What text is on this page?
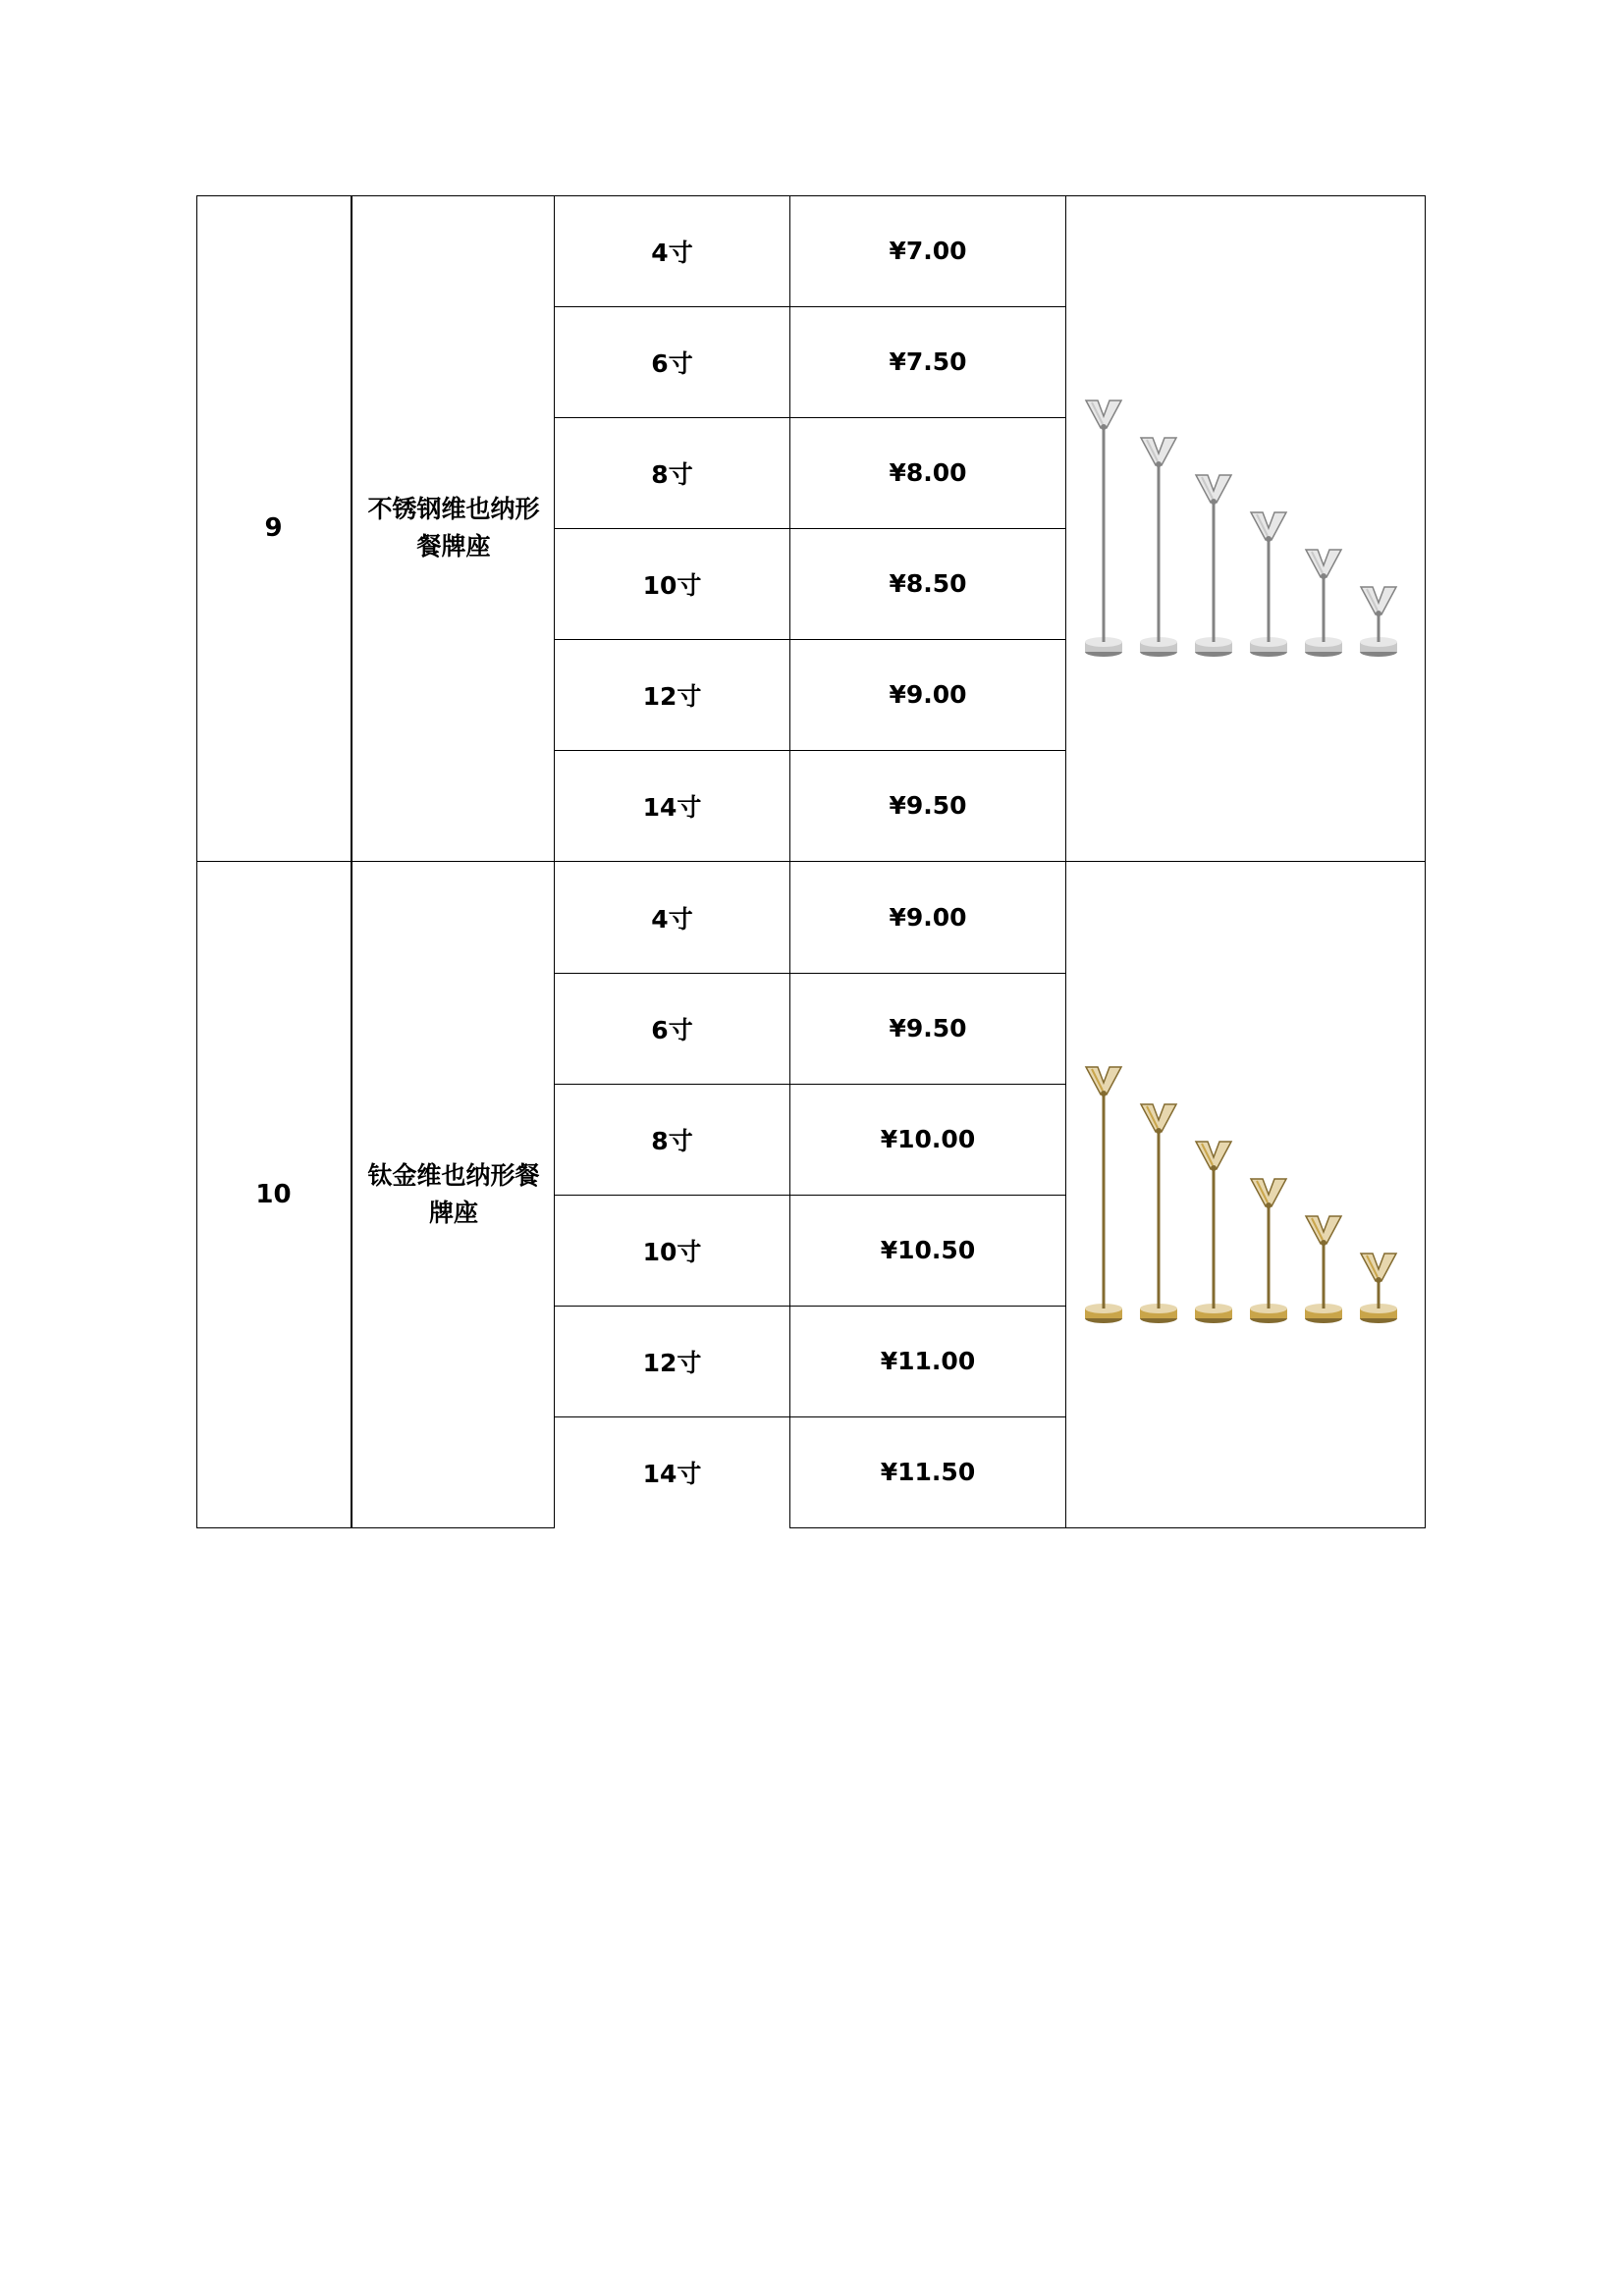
9
不锈钢维也纳形餐牌座
4寸	¥7.00
6寸	¥7.50
8寸	¥8.00
10寸	¥8.50
12寸	¥9.00
14寸	¥9.50
10
钛金维也纳形餐牌座
4寸	¥9.00
6寸	¥9.50
8寸	¥10.00
10寸	¥10.50
12寸	¥11.00
14寸	¥11.50
